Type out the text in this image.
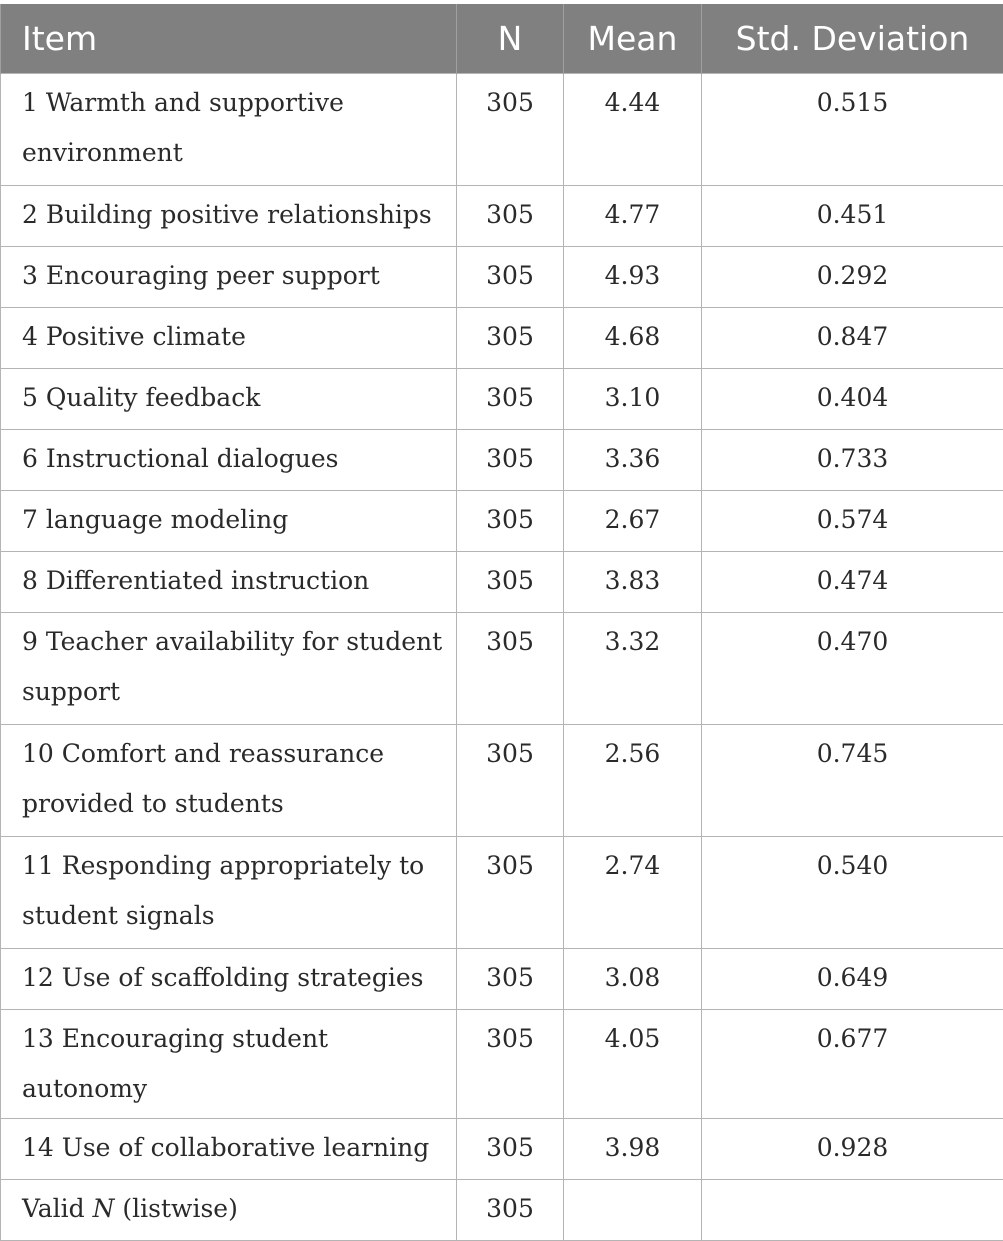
Item	N	Mean	Std. Deviation
1 Warmth and supportive environment	305	4.44	0.515
2 Building positive relationships	305	4.77	0.451
3 Encouraging peer support	305	4.93	0.292
4 Positive climate	305	4.68	0.847
5 Quality feedback	305	3.10	0.404
6 Instructional dialogues	305	3.36	0.733
7 language modeling	305	2.67	0.574
8 Differentiated instruction	305	3.83	0.474
9 Teacher availability for student support	305	3.32	0.470
10 Comfort and reassurance provided to students	305	2.56	0.745
11 Responding appropriately to student signals	305	2.74	0.540
12 Use of scaffolding strategies	305	3.08	0.649
13 Encouraging student autonomy	305	4.05	0.677
14 Use of collaborative learning	305	3.98	0.928
Valid N (listwise)	305		
